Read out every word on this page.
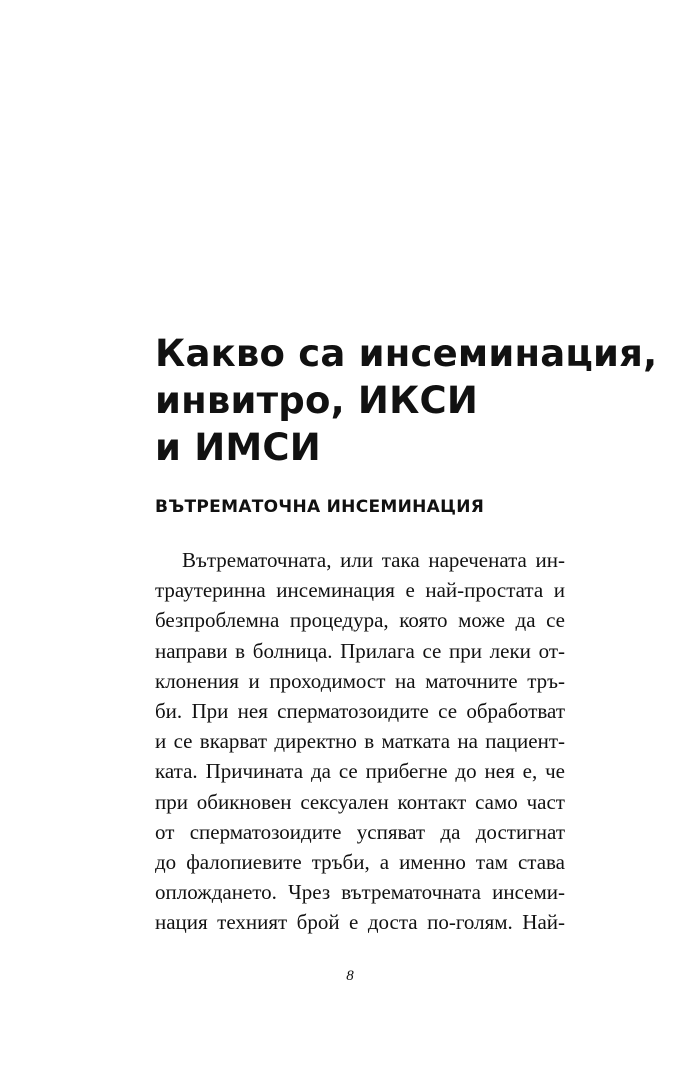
Какво са инсеминация,
инвитро, ИКСИ
и ИМСИ
ВЪТРЕМАТОЧНА ИНСЕМИНАЦИЯ
Вътрематочната, или така наречената ин-
траутеринна инсеминация е най-простата и
безпроблемна процедура, която може да се
направи в болница. Прилага се при леки от-
клонения и проходимост на маточните тръ-
би. При нея сперматозоидите се обработват
и се вкарват директно в матката на пациент-
ката. Причината да се прибегне до нея е, че
при обикновен сексуален контакт само част
от сперматозоидите успяват да достигнат
до фалопиевите тръби, а именно там става
оплождането. Чрез вътрематочната инсеми-
нация техният брой е доста по-голям. Най-
8
